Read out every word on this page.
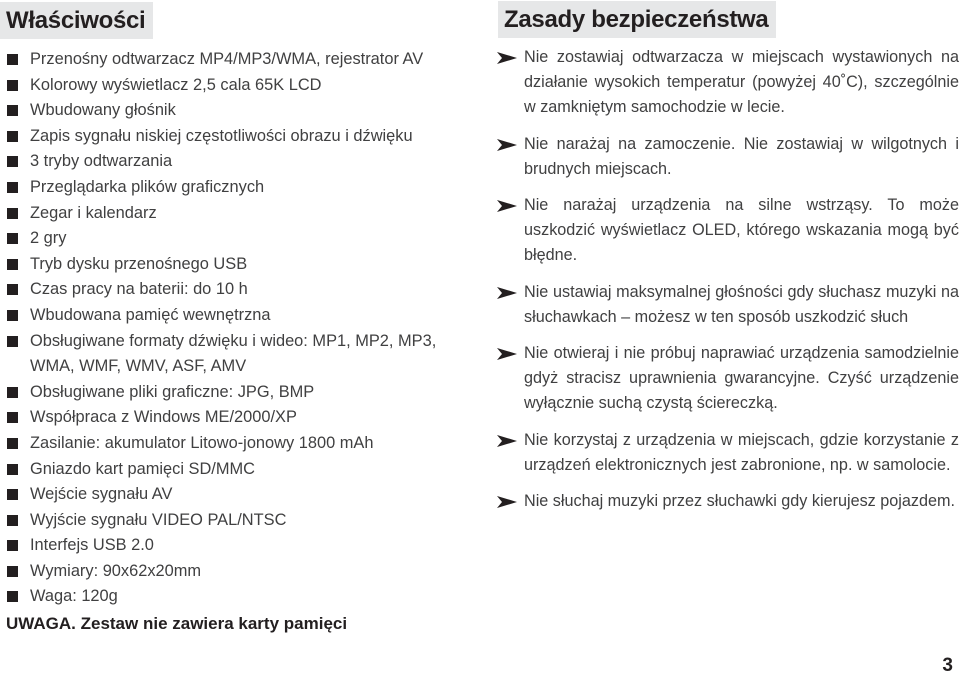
Właściwości
Przenośny odtwarzacz MP4/MP3/WMA, rejestrator AV
Kolorowy wyświetlacz 2,5 cala 65K LCD
Wbudowany głośnik
Zapis sygnału niskiej częstotliwości obrazu i dźwięku
3 tryby odtwarzania
Przeglądarka plików graficznych
Zegar i kalendarz
2 gry
Tryb dysku przenośnego USB
Czas pracy na baterii: do 10 h
Wbudowana pamięć wewnętrzna
Obsługiwane formaty dźwięku i wideo: MP1, MP2, MP3, WMA, WMF, WMV, ASF, AMV
Obsługiwane pliki graficzne: JPG, BMP
Współpraca z Windows ME/2000/XP
Zasilanie: akumulator Litowo-jonowy 1800 mAh
Gniazdo kart pamięci SD/MMC
Wejście sygnału AV
Wyjście sygnału VIDEO PAL/NTSC
Interfejs USB 2.0
Wymiary: 90x62x20mm
Waga: 120g
UWAGA. Zestaw nie zawiera karty pamięci
Zasady bezpieczeństwa
Nie zostawiaj odtwarzacza w miejscach wystawionych na działanie wysokich temperatur (powyżej 40˚C), szczególnie w zamkniętym samochodzie w lecie.
Nie narażaj na zamoczenie. Nie zostawiaj w wilgotnych i brudnych miejscach.
Nie narażaj urządzenia na silne wstrząsy. To może uszkodzić wyświetlacz OLED, którego wskazania mogą być błędne.
Nie ustawiaj maksymalnej głośności gdy słuchasz muzyki na słuchawkach – możesz w ten sposób uszkodzić słuch
Nie otwieraj i nie próbuj naprawiać urządzenia samodzielnie gdyż stracisz uprawnienia gwarancyjne. Czyść urządzenie wyłącznie suchą czystą ściereczką.
Nie korzystaj z urządzenia w miejscach, gdzie korzystanie z urządzeń elektronicznych jest zabronione, np. w samolocie.
Nie słuchaj muzyki przez słuchawki gdy kierujesz pojazdem.
3
